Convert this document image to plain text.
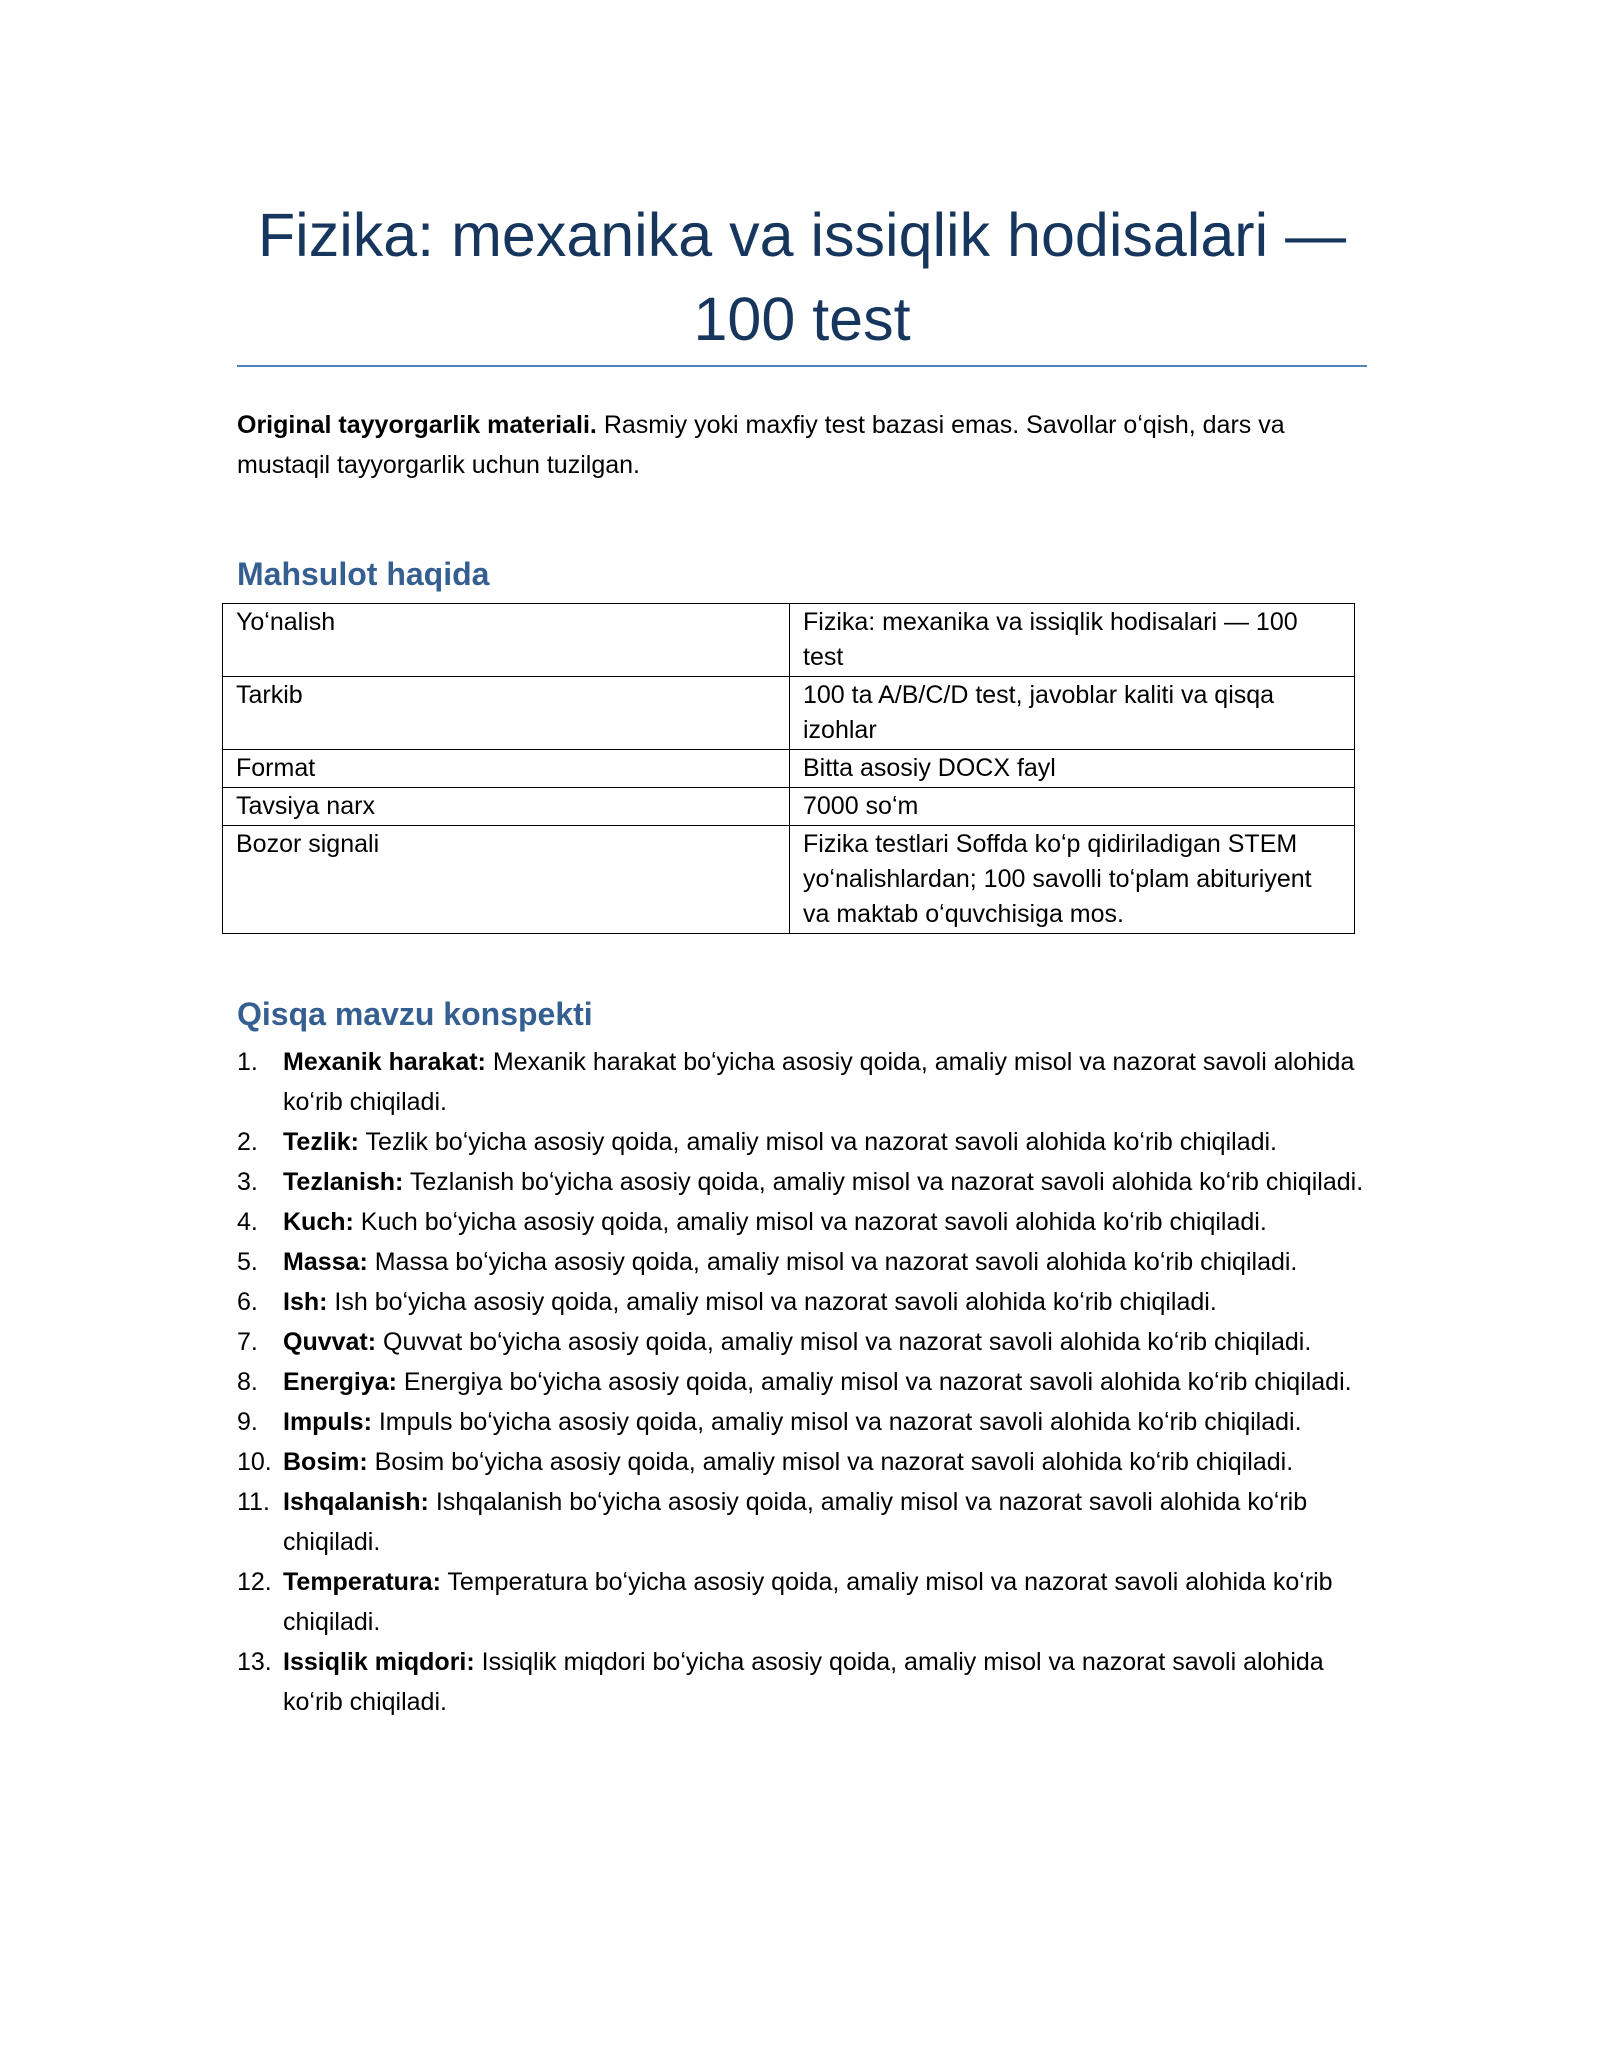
Fizika: mexanika va issiqlik hodisalari —
100 test

Original tayyorgarlik materiali. Rasmiy yoki maxfiy test bazasi emas. Savollar oʻqish, dars va mustaqil tayyorgarlik uchun tuzilgan.

Mahsulot haqida
Yoʻnalish	Fizika: mexanika va issiqlik hodisalari — 100 test
Tarkib	100 ta A/B/C/D test, javoblar kaliti va qisqa izohlar
Format	Bitta asosiy DOCX fayl
Tavsiya narx	7000 soʻm
Bozor signali	Fizika testlari Soffda koʻp qidiriladigan STEM yoʻnalishlardan; 100 savolli toʻplam abituriyent va maktab oʻquvchisiga mos.
Qisqa mavzu konspekti
1. Mexanik harakat: Mexanik harakat boʻyicha asosiy qoida, amaliy misol va nazorat savoli alohida koʻrib chiqiladi.
2. Tezlik: Tezlik boʻyicha asosiy qoida, amaliy misol va nazorat savoli alohida koʻrib chiqiladi.
3. Tezlanish: Tezlanish boʻyicha asosiy qoida, amaliy misol va nazorat savoli alohida koʻrib chiqiladi.
4. Kuch: Kuch boʻyicha asosiy qoida, amaliy misol va nazorat savoli alohida koʻrib chiqiladi.
5. Massa: Massa boʻyicha asosiy qoida, amaliy misol va nazorat savoli alohida koʻrib chiqiladi.
6. Ish: Ish boʻyicha asosiy qoida, amaliy misol va nazorat savoli alohida koʻrib chiqiladi.
7. Quvvat: Quvvat boʻyicha asosiy qoida, amaliy misol va nazorat savoli alohida koʻrib chiqiladi.
8. Energiya: Energiya boʻyicha asosiy qoida, amaliy misol va nazorat savoli alohida koʻrib chiqiladi.
9. Impuls: Impuls boʻyicha asosiy qoida, amaliy misol va nazorat savoli alohida koʻrib chiqiladi.
10. Bosim: Bosim boʻyicha asosiy qoida, amaliy misol va nazorat savoli alohida koʻrib chiqiladi.
11. Ishqalanish: Ishqalanish boʻyicha asosiy qoida, amaliy misol va nazorat savoli alohida koʻrib chiqiladi.
12. Temperatura: Temperatura boʻyicha asosiy qoida, amaliy misol va nazorat savoli alohida koʻrib chiqiladi.
13. Issiqlik miqdori: Issiqlik miqdori boʻyicha asosiy qoida, amaliy misol va nazorat savoli alohida koʻrib chiqiladi.
